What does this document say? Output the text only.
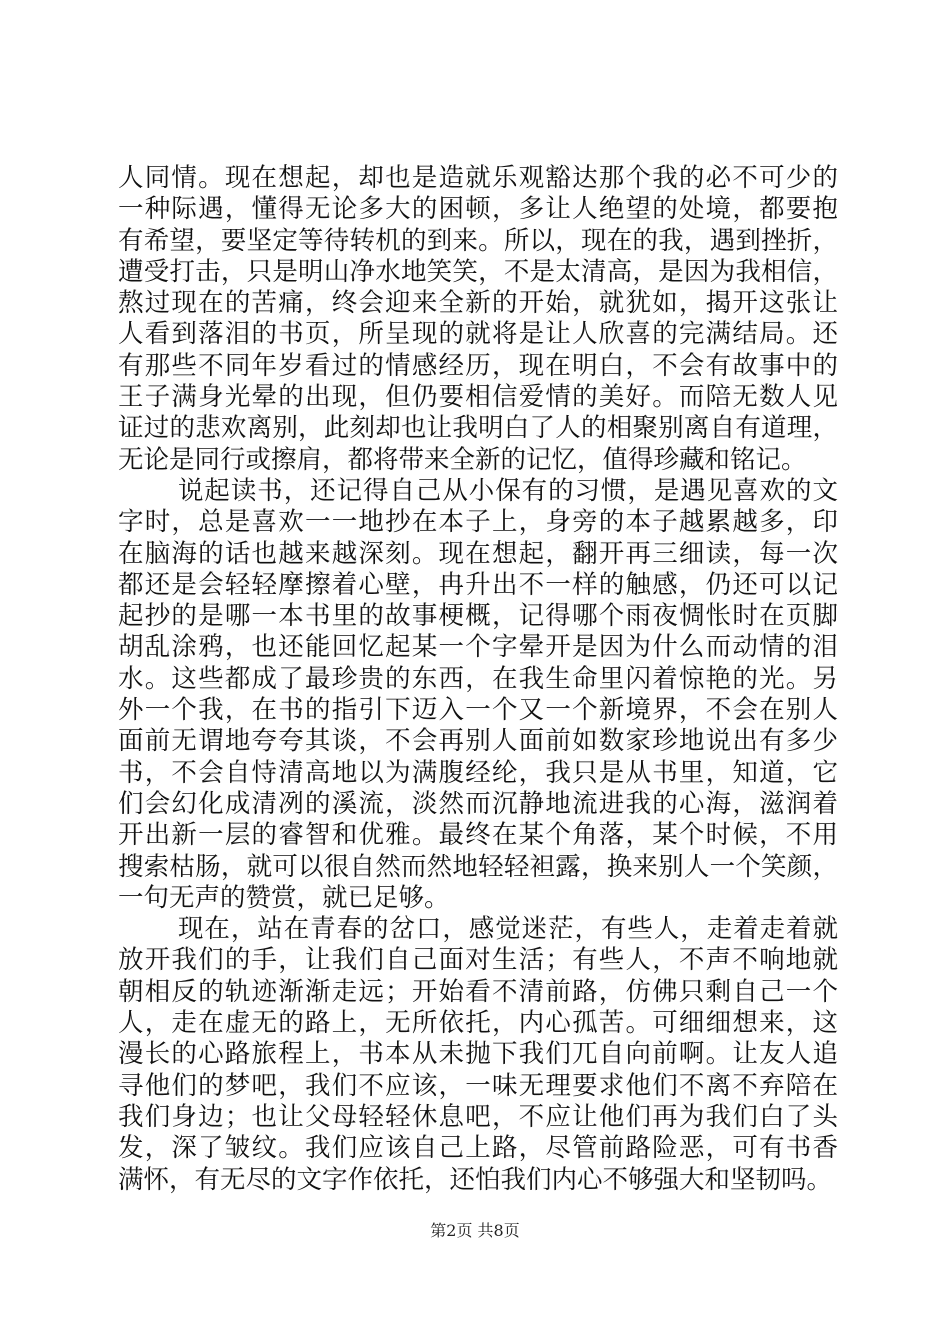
人同情。现在想起，却也是造就乐观豁达那个我的必不可少的
一种际遇，懂得无论多大的困顿，多让人绝望的处境，都要抱
有希望，要坚定等待转机的到来。所以，现在的我，遇到挫折，
遭受打击，只是明山净水地笑笑，不是太清高，是因为我相信，
熬过现在的苦痛，终会迎来全新的开始，就犹如，揭开这张让
人看到落泪的书页，所呈现的就将是让人欣喜的完满结局。还
有那些不同年岁看过的情感经历，现在明白，不会有故事中的
王子满身光晕的出现，但仍要相信爱情的美好。而陪无数人见
证过的悲欢离别，此刻却也让我明白了人的相聚别离自有道理，
无论是同行或擦肩，都将带来全新的记忆，值得珍藏和铭记。
说起读书，还记得自己从小保有的习惯，是遇见喜欢的文
字时，总是喜欢一一地抄在本子上，身旁的本子越累越多，印
在脑海的话也越来越深刻。现在想起，翻开再三细读，每一次
都还是会轻轻摩擦着心壁，冉升出不一样的触感，仍还可以记
起抄的是哪一本书里的故事梗概，记得哪个雨夜惆怅时在页脚
胡乱涂鸦，也还能回忆起某一个字晕开是因为什么而动情的泪
水。这些都成了最珍贵的东西，在我生命里闪着惊艳的光。另
外一个我，在书的指引下迈入一个又一个新境界，不会在别人
面前无谓地夸夸其谈，不会再别人面前如数家珍地说出有多少
书，不会自恃清高地以为满腹经纶，我只是从书里，知道，它
们会幻化成清冽的溪流，淡然而沉静地流进我的心海，滋润着
开出新一层的睿智和优雅。最终在某个角落，某个时候，不用
搜索枯肠，就可以很自然而然地轻轻袒露，换来别人一个笑颜，
一句无声的赞赏，就已足够。
现在，站在青春的岔口，感觉迷茫，有些人，走着走着就
放开我们的手，让我们自己面对生活；有些人，不声不响地就
朝相反的轨迹渐渐走远；开始看不清前路，仿佛只剩自己一个
人，走在虚无的路上，无所依托，内心孤苦。可细细想来，这
漫长的心路旅程上，书本从未抛下我们兀自向前啊。让友人追
寻他们的梦吧，我们不应该，一味无理要求他们不离不弃陪在
我们身边；也让父母轻轻休息吧，不应让他们再为我们白了头
发，深了皱纹。我们应该自己上路，尽管前路险恶，可有书香
满怀，有无尽的文字作依托，还怕我们内心不够强大和坚韧吗。
第2页 共8页
